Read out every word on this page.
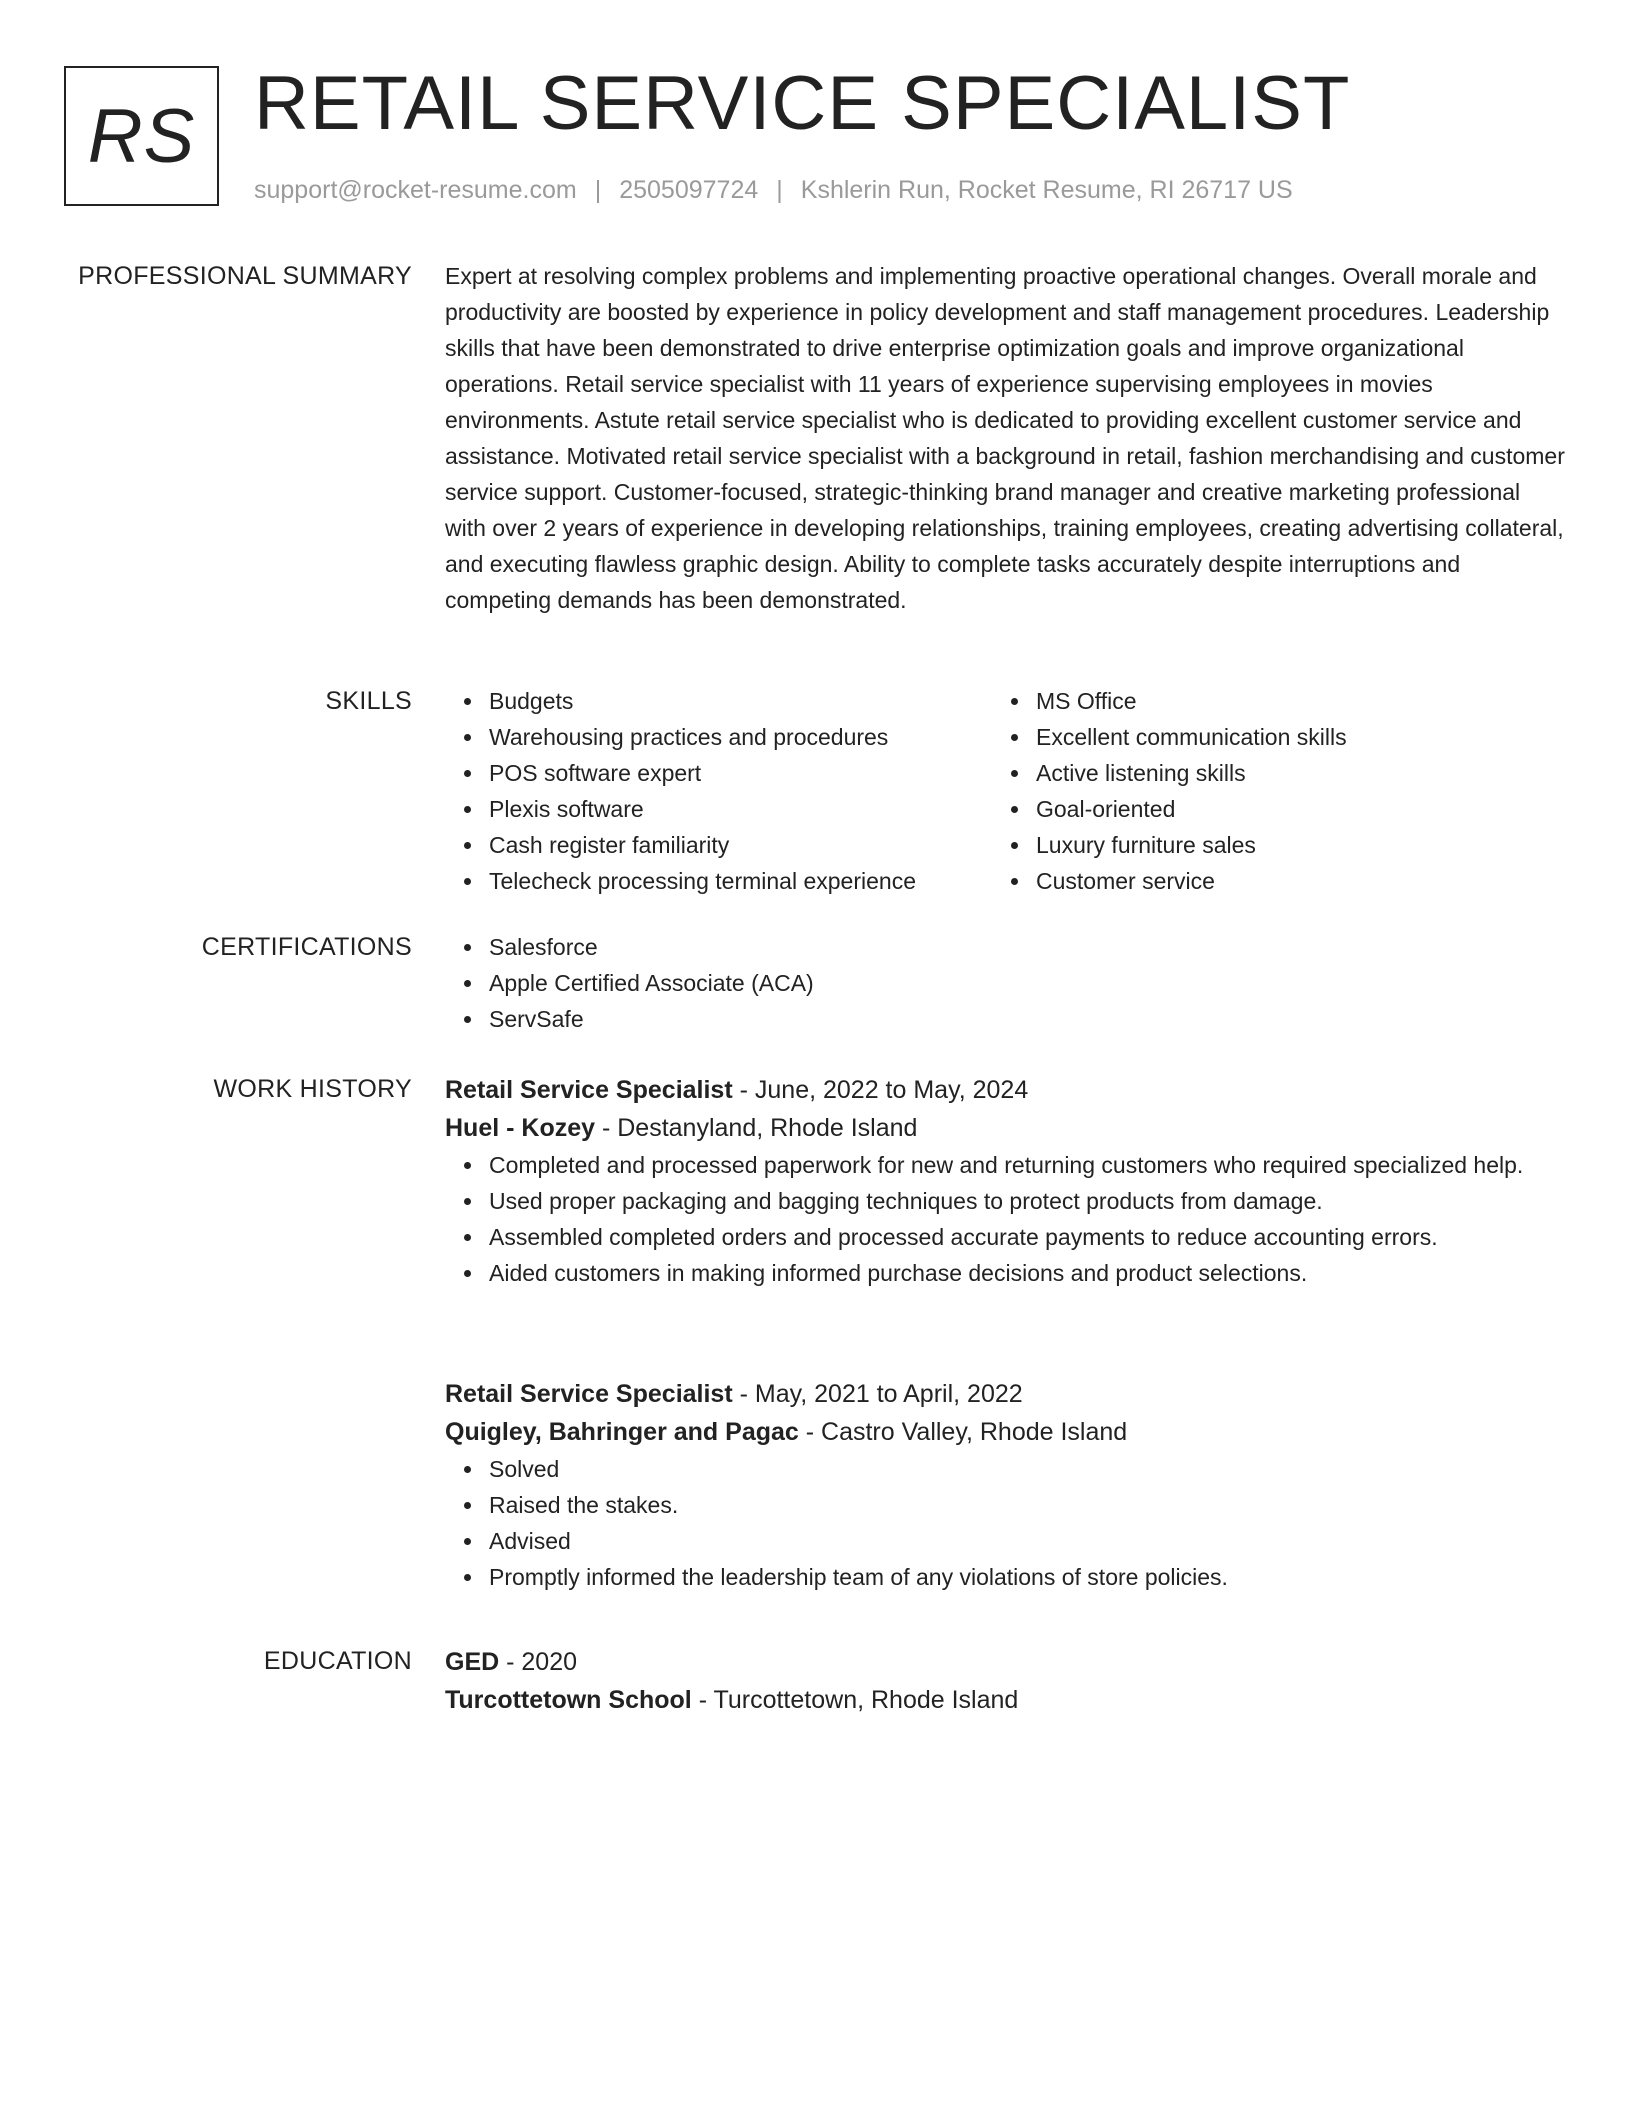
RS RETAIL SERVICE SPECIALIST
support@rocket-resume.com | 2505097724 | Kshlerin Run, Rocket Resume, RI 26717 US
PROFESSIONAL SUMMARY Expert at resolving complex problems and implementing proactive operational changes. Overall morale and productivity are boosted by experience in policy development and staff management procedures. Leadership skills that have been demonstrated to drive enterprise optimization goals and improve organizational operations. Retail service specialist with 11 years of experience supervising employees in movies environments. Astute retail service specialist who is dedicated to providing excellent customer service and assistance. Motivated retail service specialist with a background in retail, fashion merchandising and customer service support. Customer-focused, strategic-thinking brand manager and creative marketing professional with over 2 years of experience in developing relationships, training employees, creating advertising collateral, and executing flawless graphic design. Ability to complete tasks accurately despite interruptions and competing demands has been demonstrated.
SKILLS	Budgets
Warehousing practices and procedures
POS software expert
Plexis software
Cash register familiarity
Telecheck processing terminal experience
MS Office
Excellent communication skills
Active listening skills
Goal-oriented
Luxury furniture sales
Customer service
CERTIFICATIONS	Salesforce
Apple Certified Associate (ACA)
ServSafe
WORK HISTORY Retail Service Specialist - June, 2022 to May, 2024
Huel - Kozey - Destanyland, Rhode Island
Completed and processed paperwork for new and returning customers who required specialized help.
Used proper packaging and bagging techniques to protect products from damage.
Assembled completed orders and processed accurate payments to reduce accounting errors.
Aided customers in making informed purchase decisions and product selections.
Retail Service Specialist - May, 2021 to April, 2022
Quigley, Bahringer and Pagac - Castro Valley, Rhode Island
Solved
Raised the stakes.
Advised
Promptly informed the leadership team of any violations of store policies.
EDUCATION GED - 2020
Turcottetown School - Turcottetown, Rhode Island
